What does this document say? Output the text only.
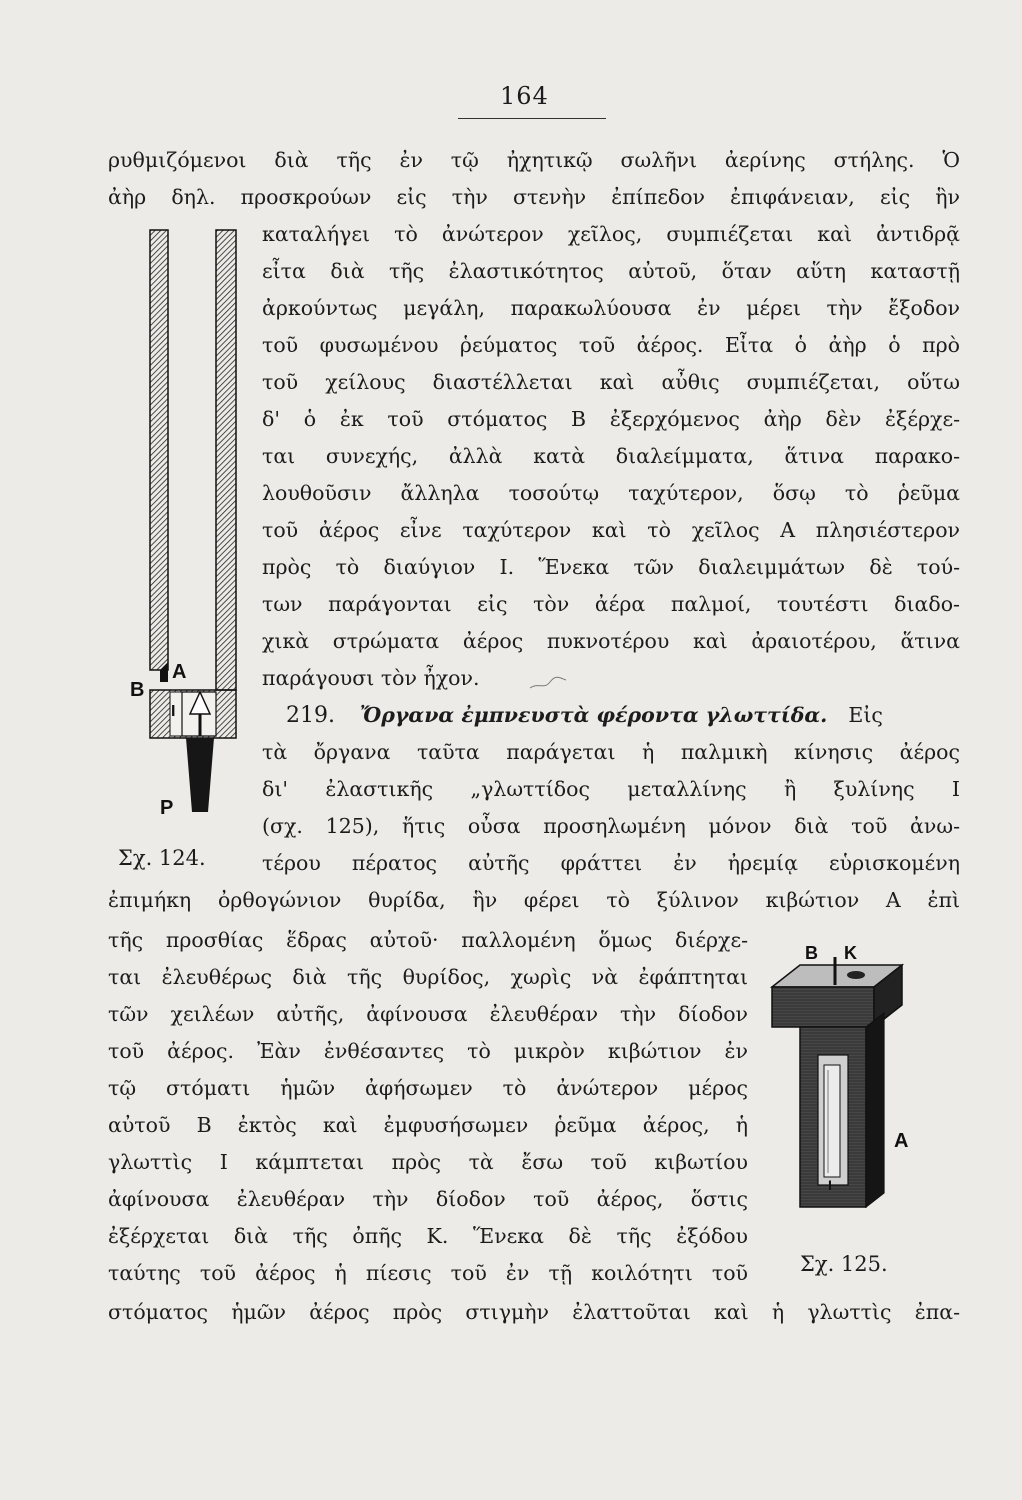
164
ρυθμιζόμενοι διὰ τῆς ἐν τῷ ἠχητικῷ σωλῆνι ἀερίνης στήλης. Ὁ
ἀὴρ δηλ. προσκρούων εἰς τὴν στενὴν ἐπίπεδον ἐπιφάνειαν, εἰς ἣν
καταλήγει τὸ ἀνώτερον χεῖλος, συμπιέζεται καὶ ἀντιδρᾷ
εἶτα διὰ τῆς ἐλαστικότητος αὐτοῦ, ὅταν αὕτη καταστῇ
ἀρκούντως μεγάλη, παρακωλύουσα ἐν μέρει τὴν ἔξοδον
τοῦ φυσωμένου ῥεύματος τοῦ ἀέρος. Εἶτα ὁ ἀὴρ ὁ πρὸ
τοῦ χείλους διαστέλλεται καὶ αὖθις συμπιέζεται, οὕτω
δ' ὁ ἐκ τοῦ στόματος Β ἐξερχόμενος ἀὴρ δὲν ἐξέρχε-
ται συνεχής, ἀλλὰ κατὰ διαλείμματα, ἅτινα παρακο-
λουθοῦσιν ἄλληλα τοσούτῳ ταχύτερον, ὅσῳ τὸ ῥεῦμα
τοῦ ἀέρος εἶνε ταχύτερον καὶ τὸ χεῖλος Α πλησιέστερον
πρὸς τὸ διαύγιον Ι. Ἕνεκα τῶν διαλειμμάτων δὲ τού-
των παράγονται εἰς τὸν ἀέρα παλμοί, τουτέστι διαδο-
χικὰ στρώματα ἀέρος πυκνοτέρου καὶ ἀραιοτέρου, ἅτινα
παράγουσι τὸν ἦχον.
219. Ὄργανα ἐμπνευστὰ φέροντα γλωττίδα. Εἰς
τὰ ὄργανα ταῦτα παράγεται ἡ παλμικὴ κίνησις ἀέρος
δι' ἐλαστικῆς „γλωττίδος μεταλλίνης ἢ ξυλίνης Ι
(σχ. 125), ἥτις οὖσα προσηλωμένη μόνον διὰ τοῦ ἀνω-
τέρου πέρατος αὐτῆς φράττει ἐν ἠρεμίᾳ εὑρισκομένη
ἐπιμήκη ὀρθογώνιον θυρίδα, ἣν φέρει τὸ ξύλινον κιβώτιον Α ἐπὶ
τῆς προσθίας ἕδρας αὐτοῦ· παλλομένη ὅμως διέρχε-
ται ἐλευθέρως διὰ τῆς θυρίδος, χωρὶς νὰ ἐφάπτηται
τῶν χειλέων αὐτῆς, ἀφίνουσα ἐλευθέραν τὴν δίοδον
τοῦ ἀέρος. Ἐὰν ἐνθέσαντες τὸ μικρὸν κιβώτιον ἐν
τῷ στόματι ἡμῶν ἀφήσωμεν τὸ ἀνώτερον μέρος
αὐτοῦ Β ἐκτὸς καὶ ἐμφυσήσωμεν ῥεῦμα ἀέρος, ἡ
γλωττὶς Ι κάμπτεται πρὸς τὰ ἔσω τοῦ κιβωτίου
ἀφίνουσα ἐλευθέραν τὴν δίοδον τοῦ ἀέρος, ὅστις
ἐξέρχεται διὰ τῆς ὀπῆς Κ. Ἕνεκα δὲ τῆς ἐξόδου
ταύτης τοῦ ἀέρος ἡ πίεσις τοῦ ἐν τῇ κοιλότητι τοῦ
στόματος ἡμῶν ἀέρος πρὸς στιγμὴν ἐλαττοῦται καὶ ἡ γλωττὶς ἐπα-
B
A
I
P
Σχ. 124.
B K
A
I
Σχ. 125.
